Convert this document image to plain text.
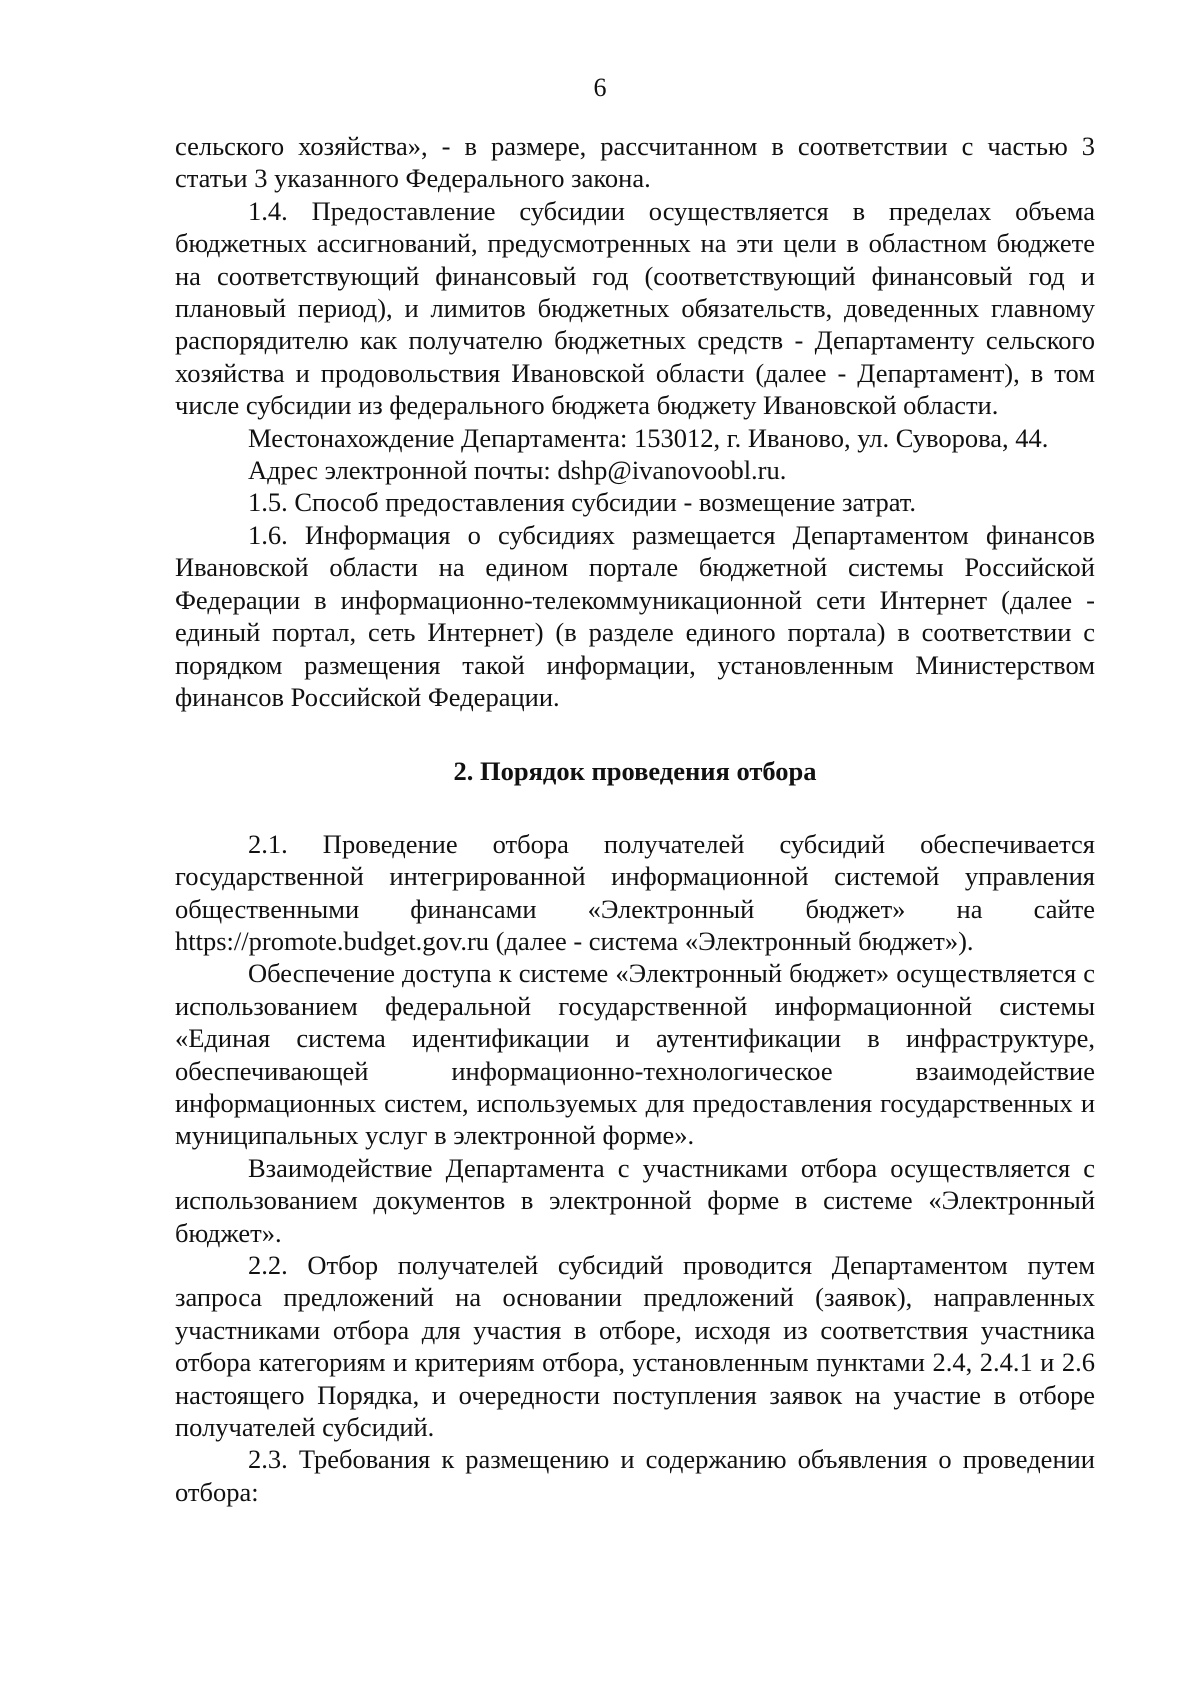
6

сельского хозяйства», - в размере, рассчитанном в соответствии с частью 3 статьи 3 указанного Федерального закона.

1.4. Предоставление субсидии осуществляется в пределах объема бюджетных ассигнований, предусмотренных на эти цели в областном бюджете на соответствующий финансовый год (соответствующий финансовый год и плановый период), и лимитов бюджетных обязательств, доведенных главному распорядителю как получателю бюджетных средств - Департаменту сельского хозяйства и продовольствия Ивановской области (далее - Департамент), в том числе субсидии из федерального бюджета бюджету Ивановской области.

Местонахождение Департамента: 153012, г. Иваново, ул. Суворова, 44.

Адрес электронной почты: dshp@ivanovoobl.ru.

1.5. Способ предоставления субсидии - возмещение затрат.

1.6. Информация о субсидиях размещается Департаментом финансов Ивановской области на едином портале бюджетной системы Российской Федерации в информационно-телекоммуникационной сети Интернет (далее - единый портал, сеть Интернет) (в разделе единого портала) в соответствии с порядком размещения такой информации, установленным Министерством финансов Российской Федерации.

2. Порядок проведения отбора

2.1. Проведение отбора получателей субсидий обеспечивается государственной интегрированной информационной системой управления общественными финансами «Электронный бюджет» на сайте https://promote.budget.gov.ru (далее - система «Электронный бюджет»).

Обеспечение доступа к системе «Электронный бюджет» осуществляется с использованием федеральной государственной информационной системы «Единая система идентификации и аутентификации в инфраструктуре, обеспечивающей информационно-технологическое взаимодействие информационных систем, используемых для предоставления государственных и муниципальных услуг в электронной форме».

Взаимодействие Департамента с участниками отбора осуществляется с использованием документов в электронной форме в системе «Электронный бюджет».

2.2. Отбор получателей субсидий проводится Департаментом путем запроса предложений на основании предложений (заявок), направленных участниками отбора для участия в отборе, исходя из соответствия участника отбора категориям и критериям отбора, установленным пунктами 2.4, 2.4.1 и 2.6 настоящего Порядка, и очередности поступления заявок на участие в отборе получателей субсидий.

2.3. Требования к размещению и содержанию объявления о проведении отбора:
